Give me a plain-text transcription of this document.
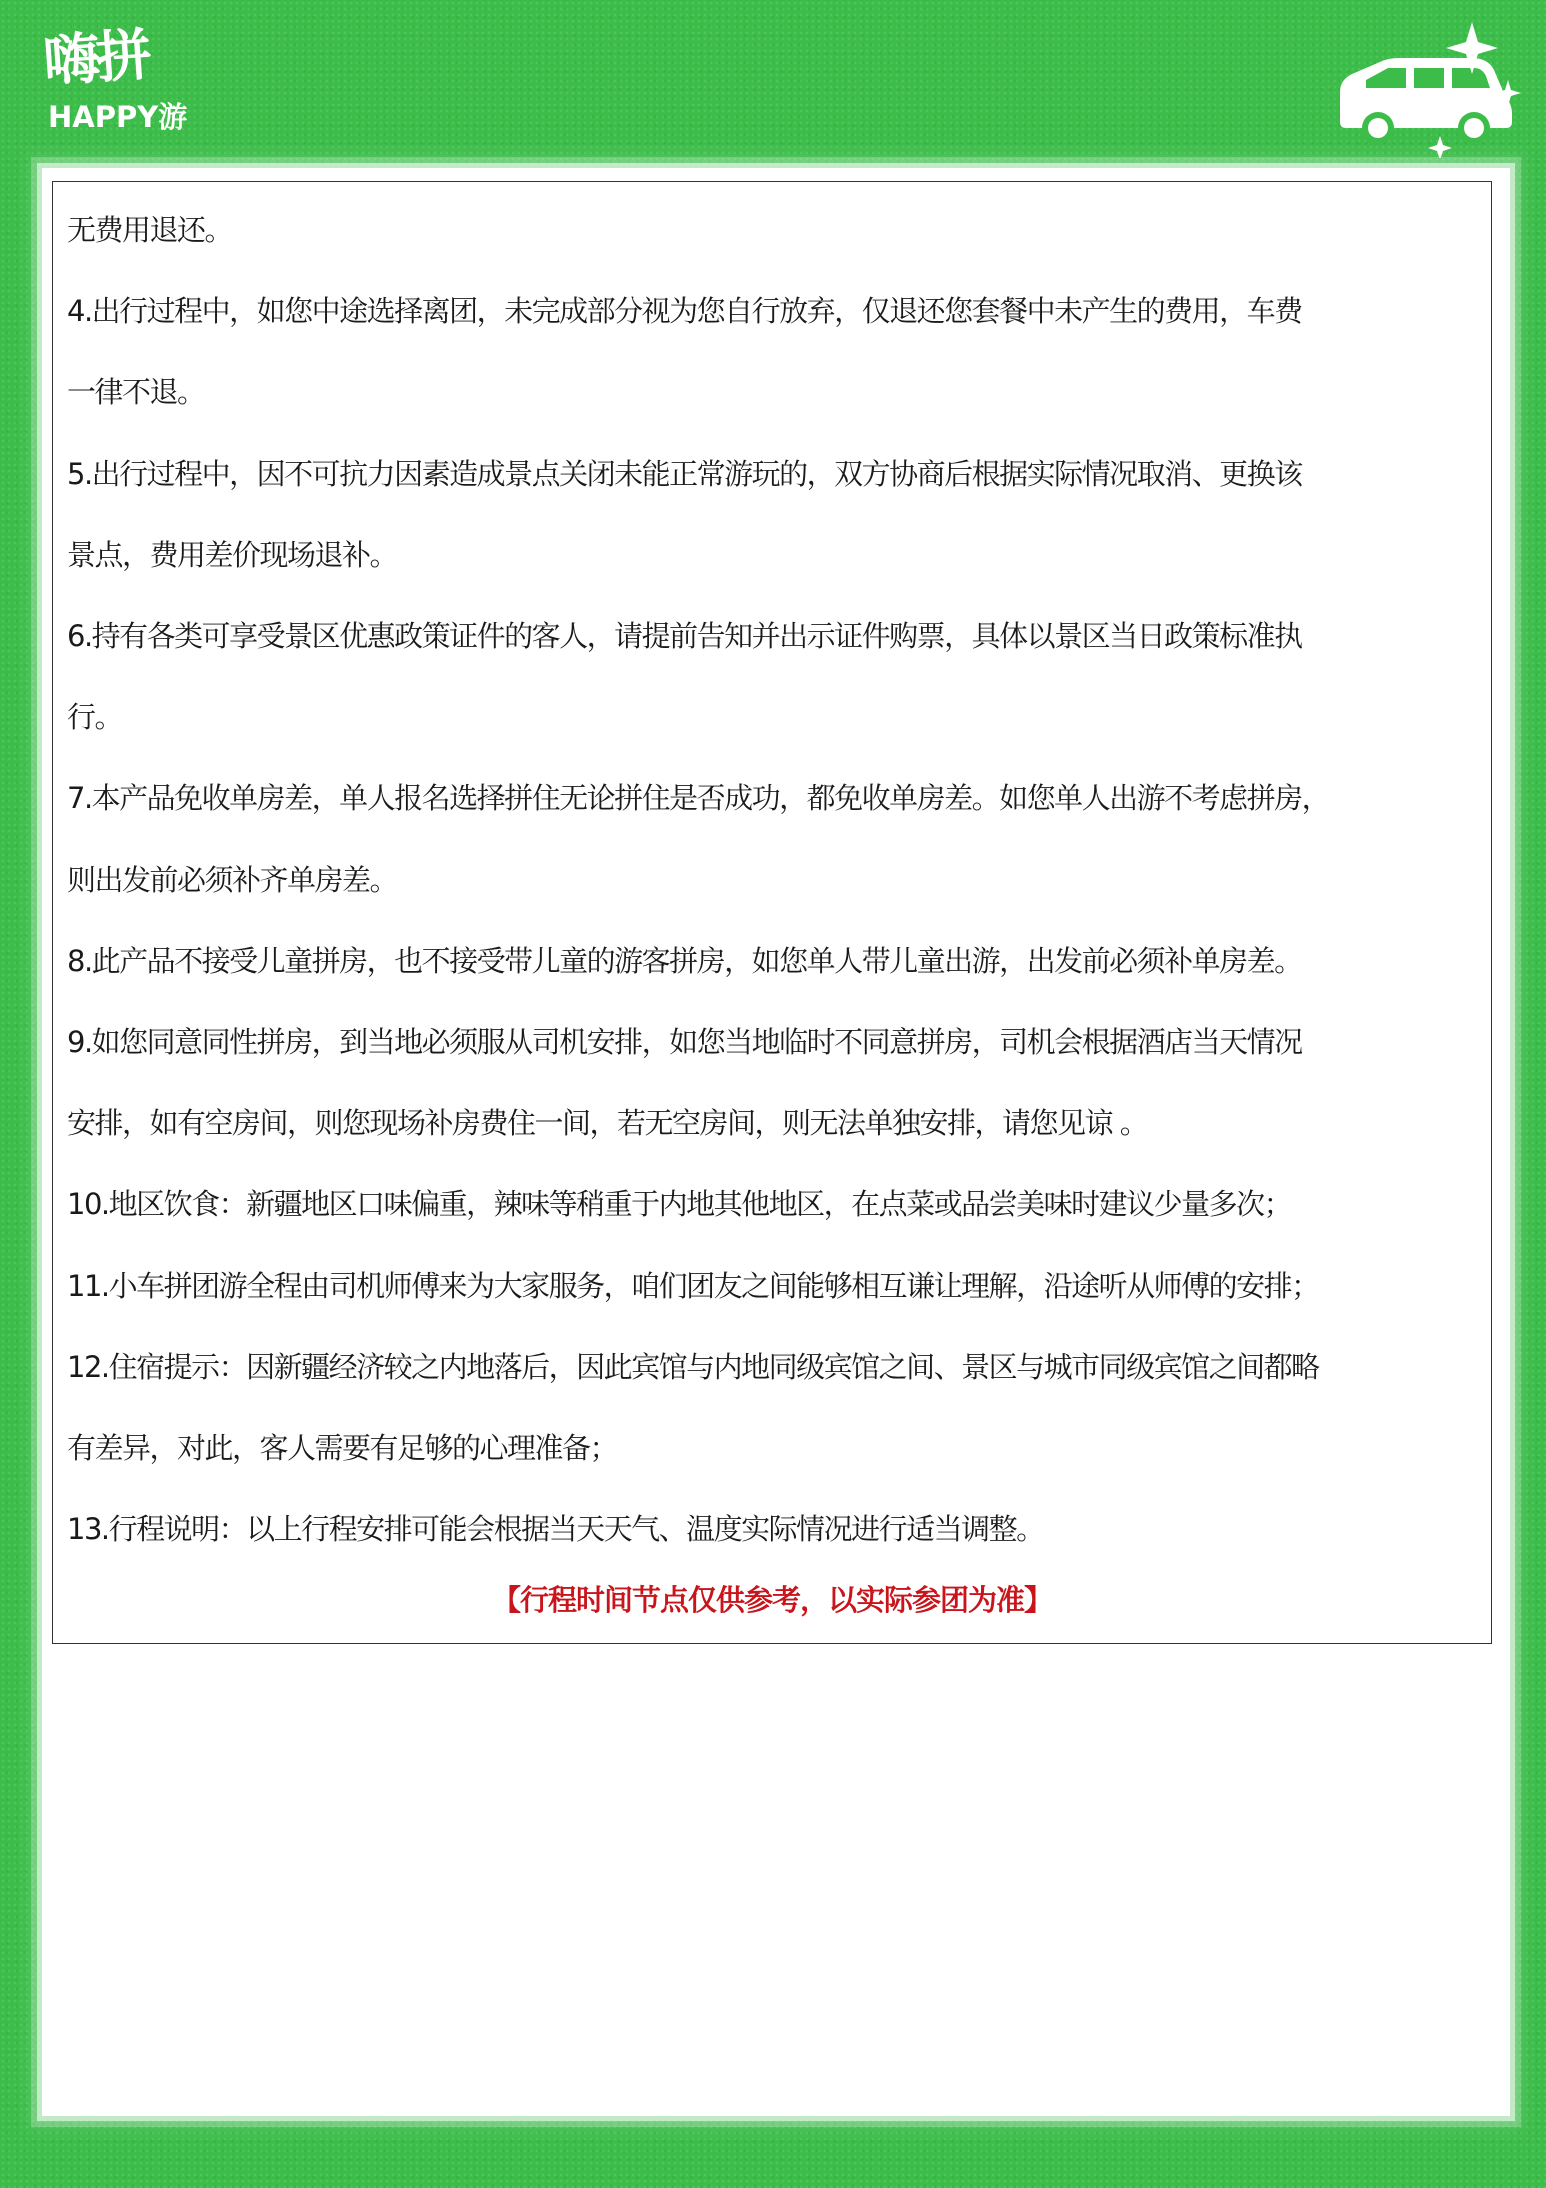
嗨拼
HAPPY游

无费用退还。

4.出行过程中，如您中途选择离团，未完成部分视为您自行放弃，仅退还您套餐中未产生的费用，车费

一律不退。

5.出行过程中，因不可抗力因素造成景点关闭未能正常游玩的，双方协商后根据实际情况取消、更换该

景点，费用差价现场退补。

6.持有各类可享受景区优惠政策证件的客人，请提前告知并出示证件购票，具体以景区当日政策标准执

行。

7.本产品免收单房差，单人报名选择拼住无论拼住是否成功，都免收单房差。如您单人出游不考虑拼房，

则出发前必须补齐单房差。

8.此产品不接受儿童拼房，也不接受带儿童的游客拼房，如您单人带儿童出游，出发前必须补单房差。

9.如您同意同性拼房，到当地必须服从司机安排，如您当地临时不同意拼房，司机会根据酒店当天情况

安排，如有空房间，则您现场补房费住一间，若无空房间，则无法单独安排，请您见谅 。

10.地区饮食：新疆地区口味偏重，辣味等稍重于内地其他地区，在点菜或品尝美味时建议少量多次；

11.小车拼团游全程由司机师傅来为大家服务，咱们团友之间能够相互谦让理解，沿途听从师傅的安排；

12.住宿提示：因新疆经济较之内地落后，因此宾馆与内地同级宾馆之间、景区与城市同级宾馆之间都略

有差异，对此，客人需要有足够的心理准备；

13.行程说明：以上行程安排可能会根据当天天气、温度实际情况进行适当调整。

【行程时间节点仅供参考，以实际参团为准】
